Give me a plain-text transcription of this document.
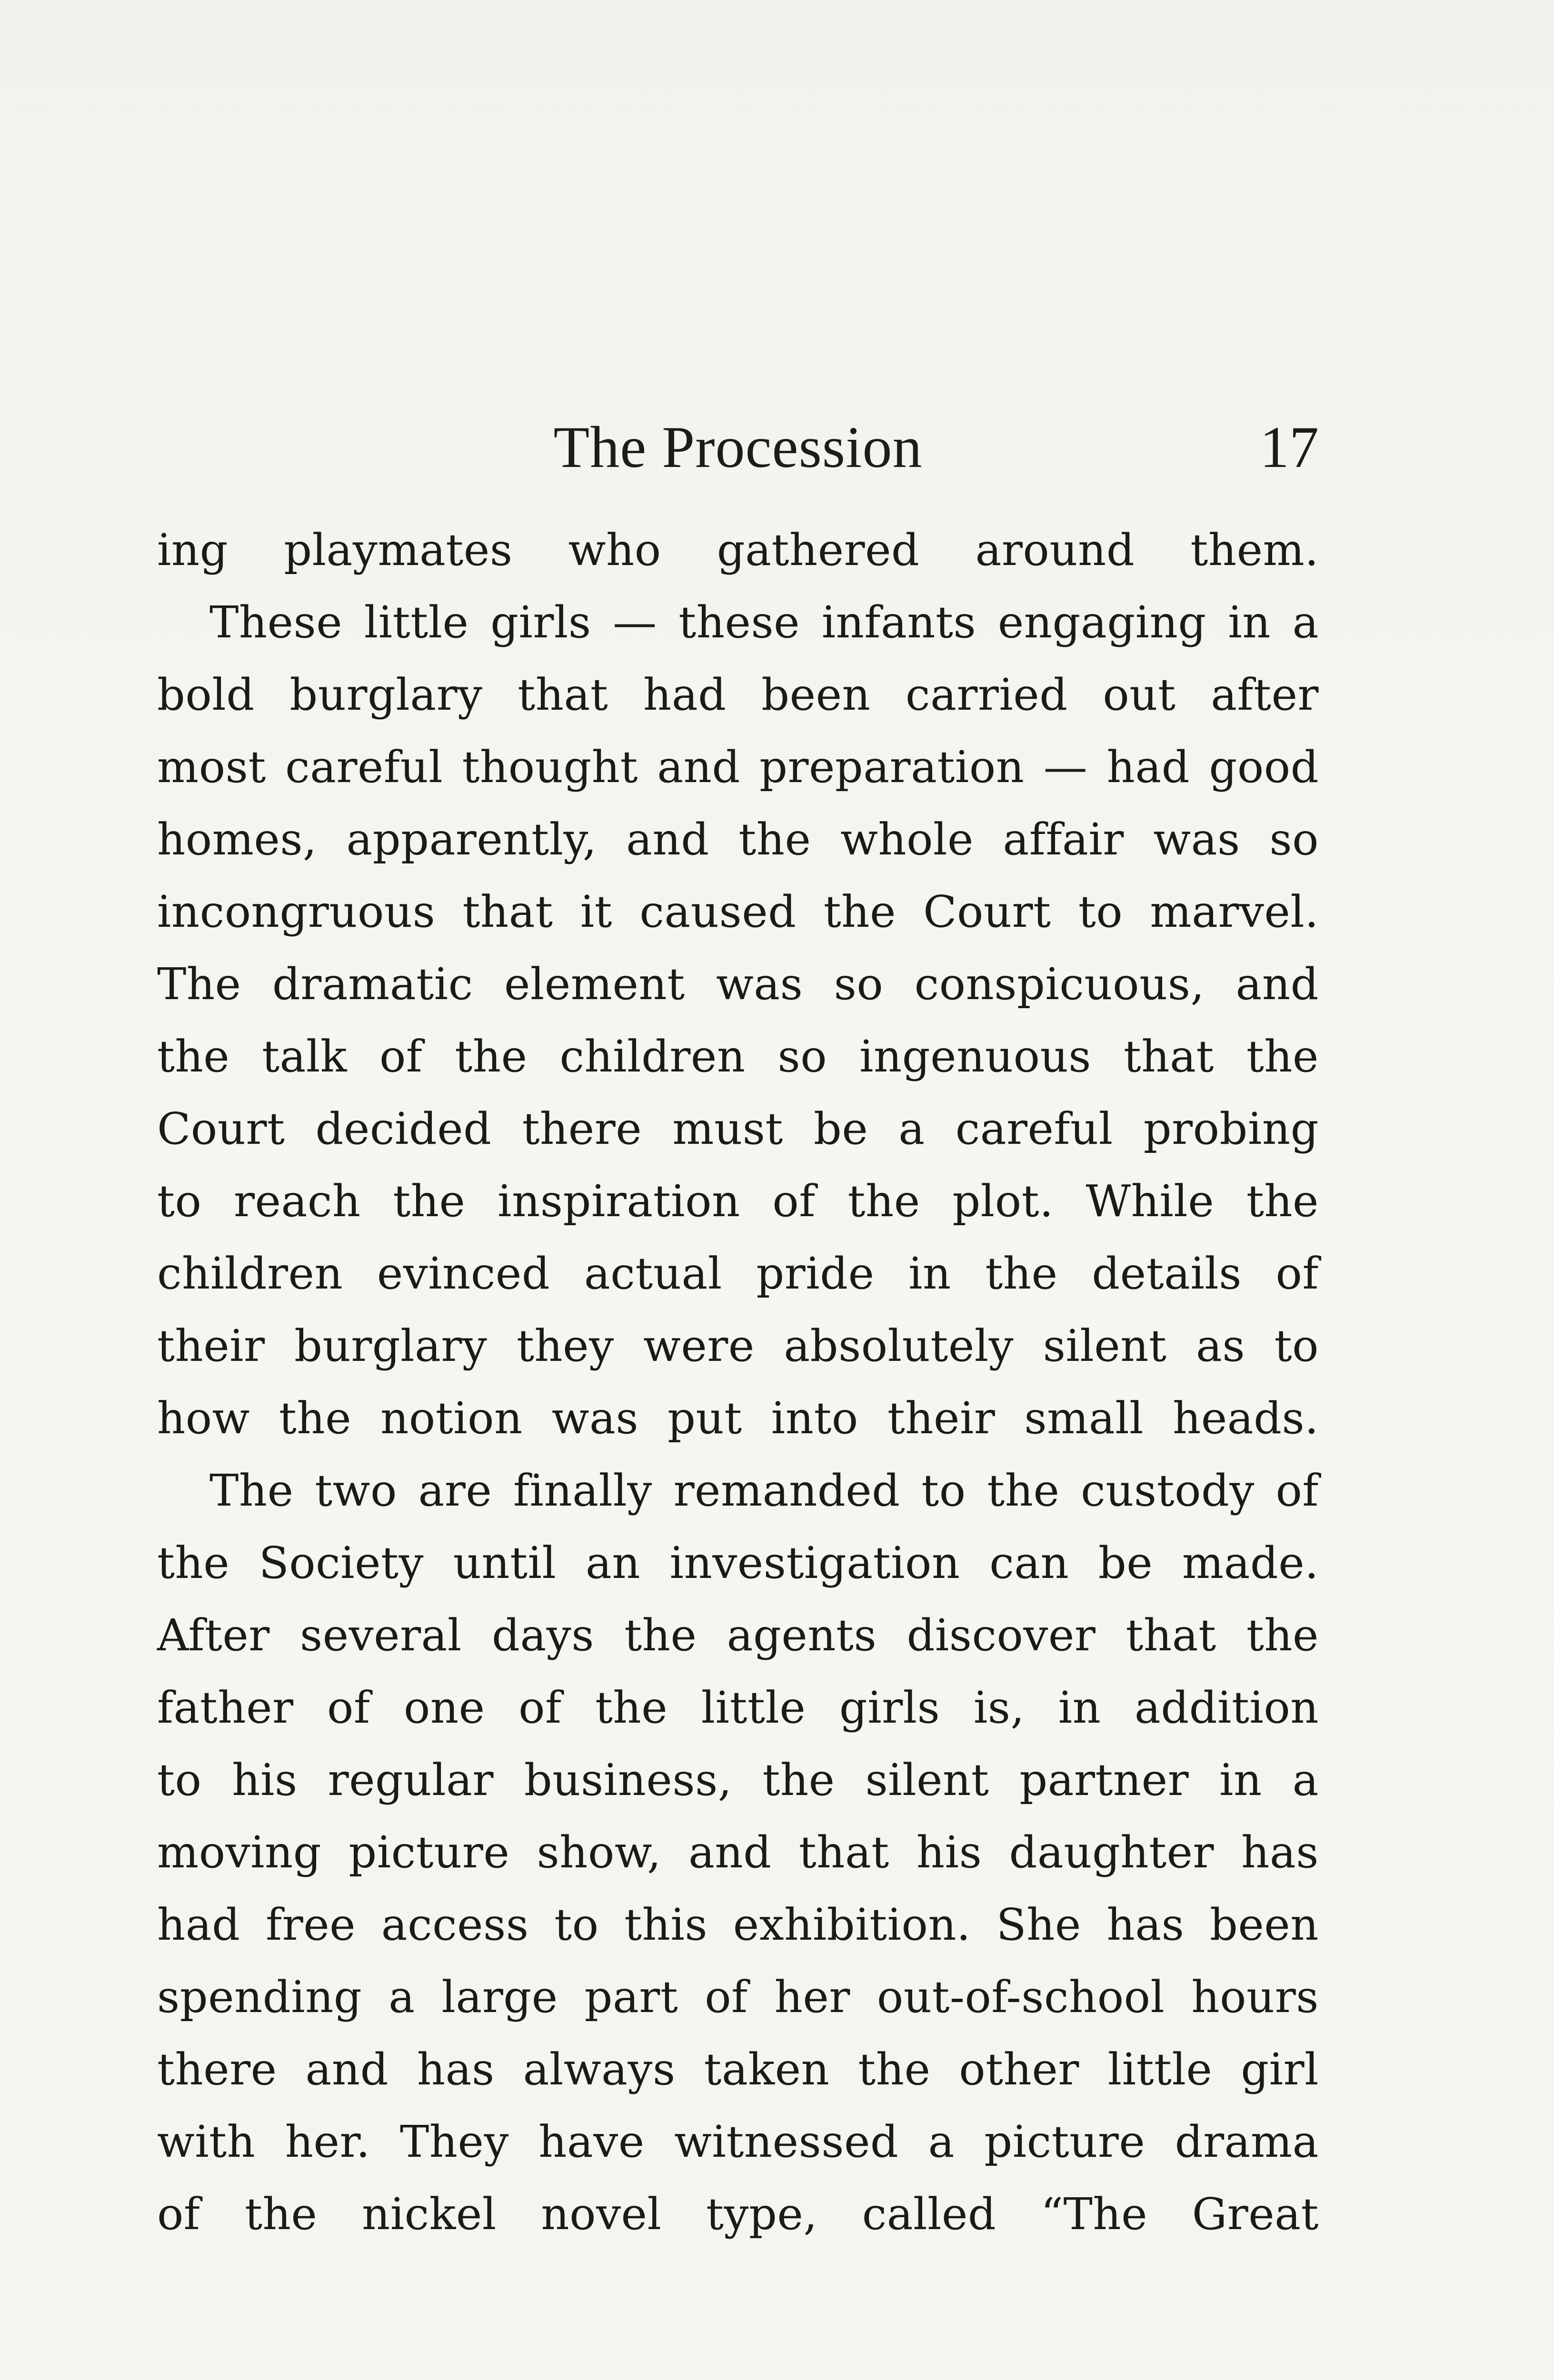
The Procession	17
ing playmates who gathered around them.
These little girls — these infants engaging in a
bold burglary that had been carried out after
most careful thought and preparation — had good
homes, apparently, and the whole affair was so
incongruous that it caused the Court to marvel.
The dramatic element was so conspicuous, and
the talk of the children so ingenuous that the
Court decided there must be a careful probing
to reach the inspiration of the plot. While the
children evinced actual pride in the details of
their burglary they were absolutely silent as to
how the notion was put into their small heads.
The two are finally remanded to the custody of
the Society until an investigation can be made.
After several days the agents discover that the
father of one of the little girls is, in addition
to his regular business, the silent partner in a
moving picture show, and that his daughter has
had free access to this exhibition. She has been
spending a large part of her out-of-school hours
there and has always taken the other little girl
with her. They have witnessed a picture drama
of the nickel novel type, called “The Great
